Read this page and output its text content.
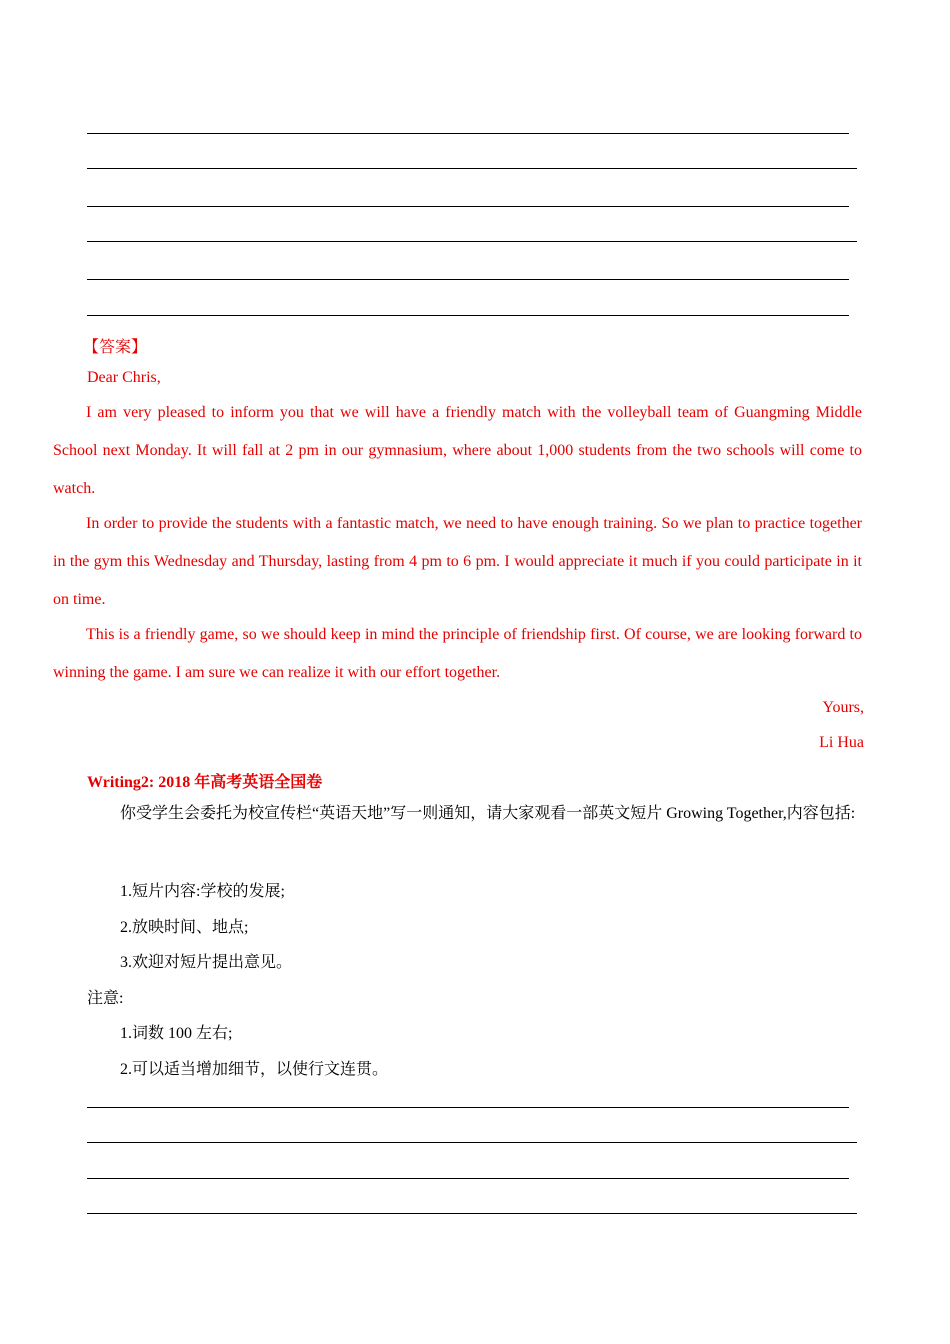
【答案】
Dear Chris,

I am very pleased to inform you that we will have a friendly match with the volleyball team of Guangming Middle School next Monday. It will fall at 2 pm in our gymnasium, where about 1,000 students from the two schools will come to watch.

In order to provide the students with a fantastic match, we need to have enough training. So we plan to practice together in the gym this Wednesday and Thursday, lasting from 4 pm to 6 pm. I would appreciate it much if you could participate in it on time.

This is a friendly game, so we should keep in mind the principle of friendship first. Of course, we are looking forward to winning the game. I am sure we can realize it with our effort together.

Yours,
Li Hua
Writing2: 2018 年高考英语全国卷

你受学生会委托为校宣传栏“英语天地”写一则通知，请大家观看一部英文短片 Growing Together,内容包括:

1.短片内容:学校的发展;
2.放映时间、地点;
3.欢迎对短片提出意见。
注意:
1.词数 100 左右;
2.可以适当增加细节，以使行文连贯。
